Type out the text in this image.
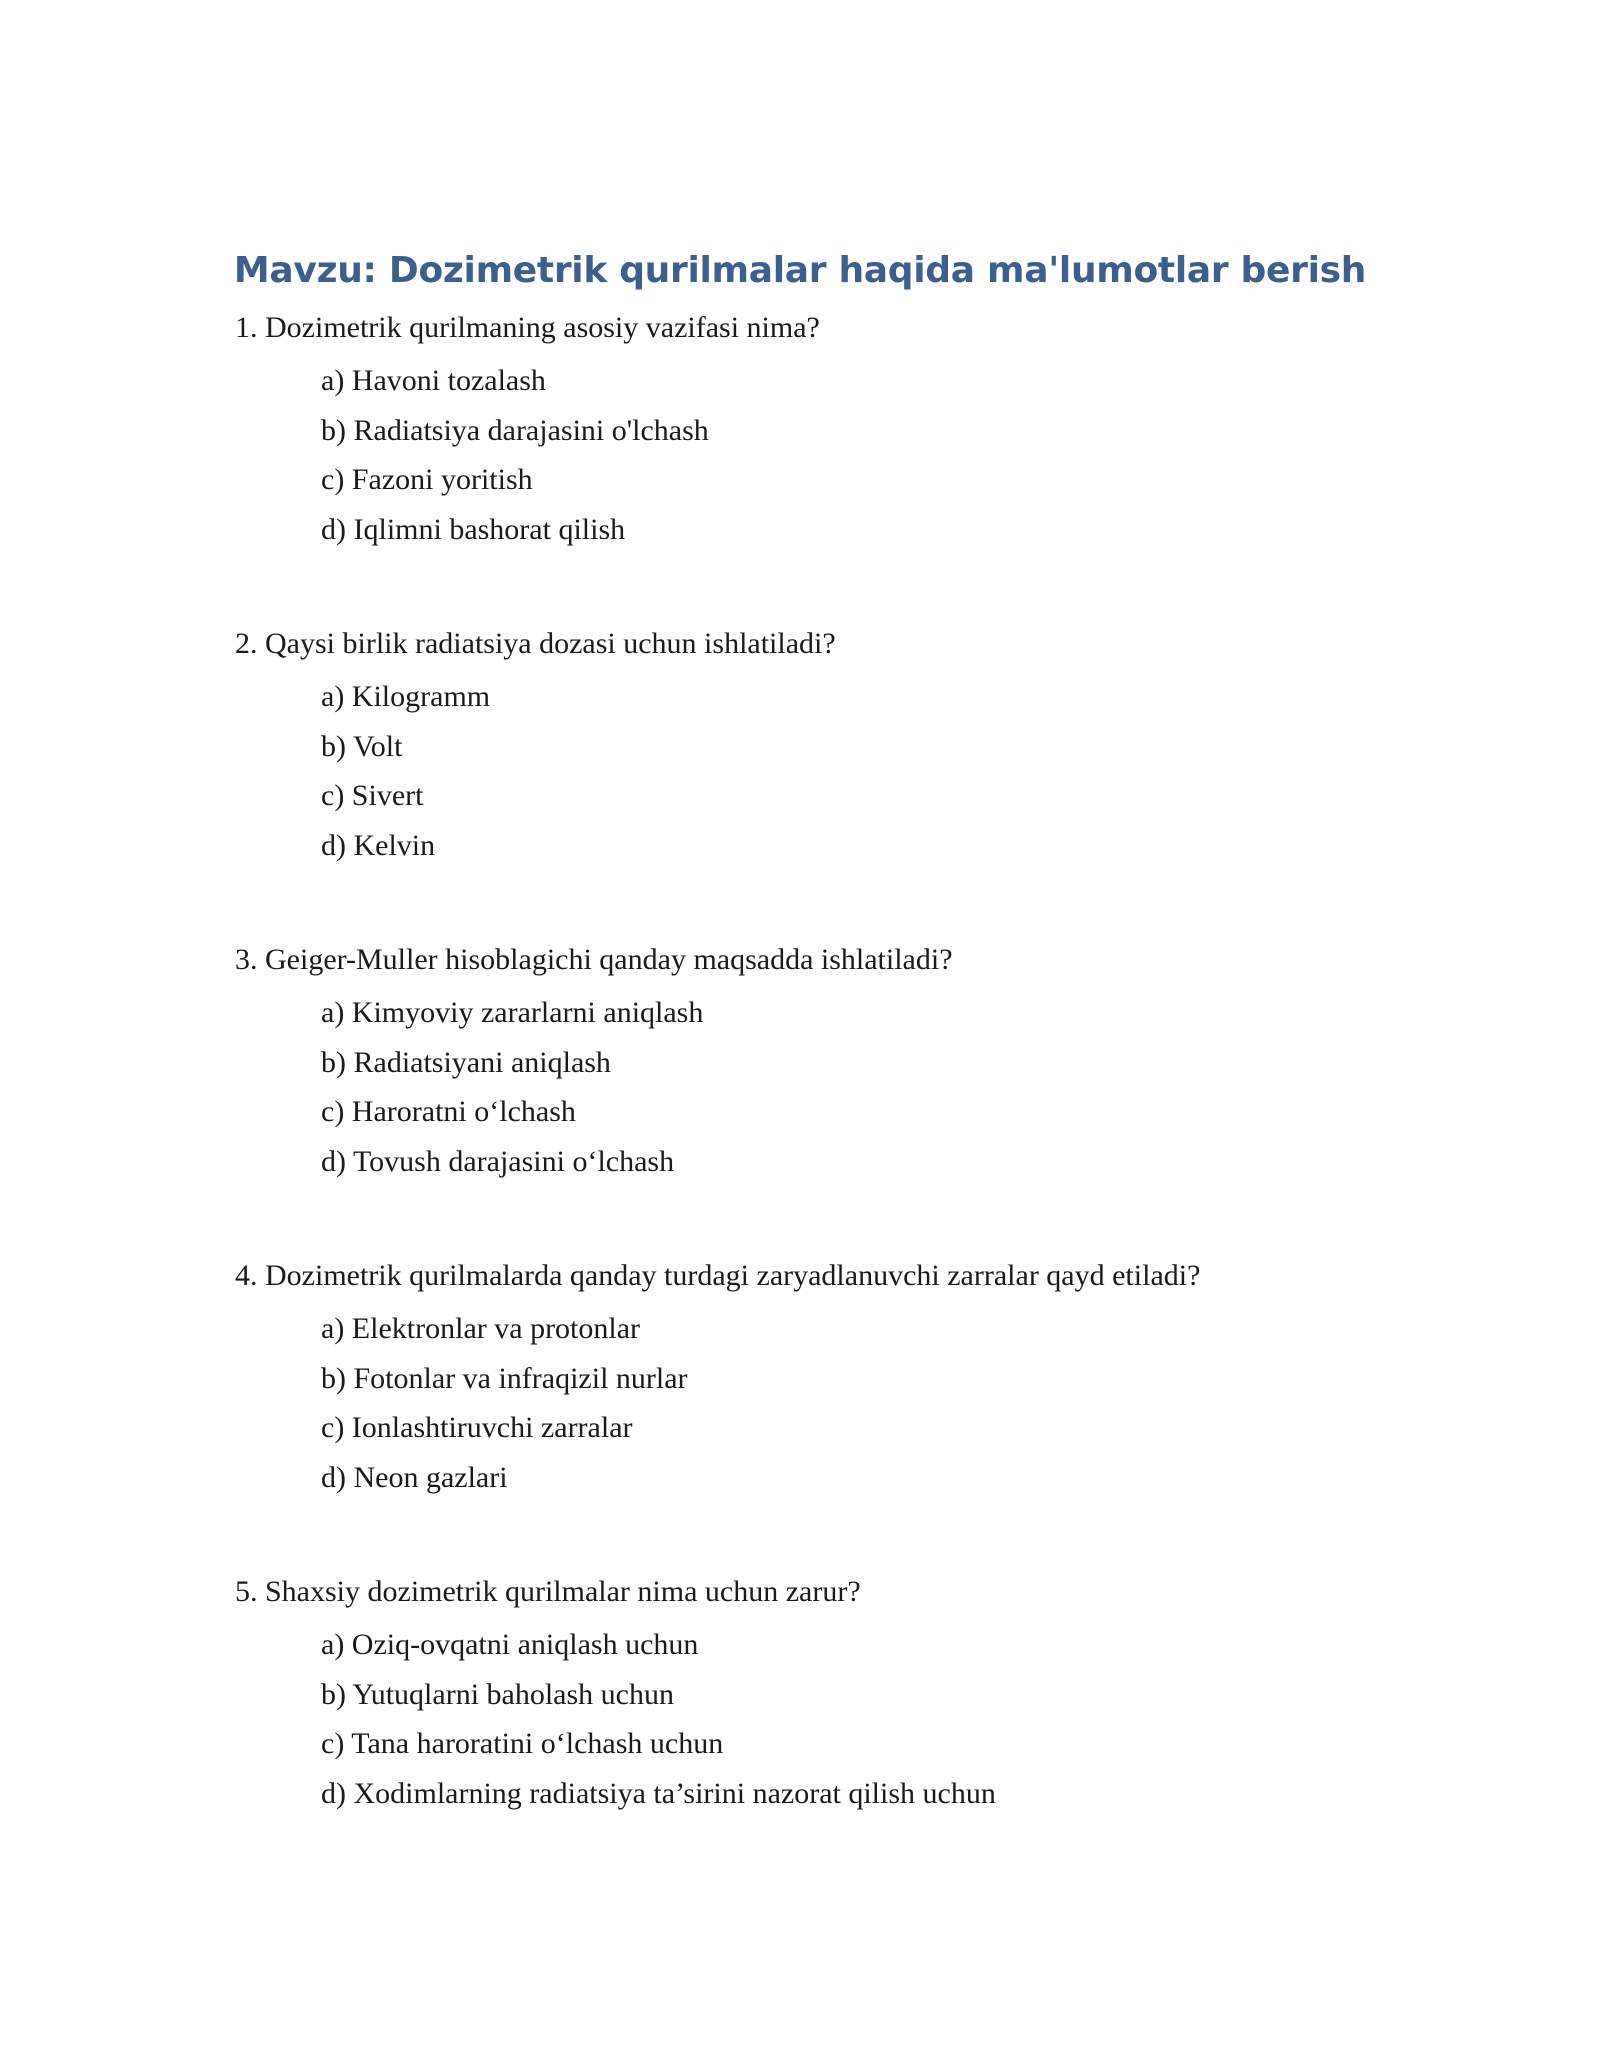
Mavzu: Dozimetrik qurilmalar haqida ma'lumotlar berish

1. Dozimetrik qurilmaning asosiy vazifasi nima?

a) Havoni tozalash
b) Radiatsiya darajasini o'lchash
c) Fazoni yoritish
d) Iqlimni bashorat qilish

2. Qaysi birlik radiatsiya dozasi uchun ishlatiladi?

a) Kilogramm
b) Volt
c) Sivert
d) Kelvin

3. Geiger-Muller hisoblagichi qanday maqsadda ishlatiladi?

a) Kimyoviy zararlarni aniqlash
b) Radiatsiyani aniqlash
c) Haroratni o‘lchash
d) Tovush darajasini o‘lchash

4. Dozimetrik qurilmalarda qanday turdagi zaryadlanuvchi zarralar qayd etiladi?

a) Elektronlar va protonlar
b) Fotonlar va infraqizil nurlar
c) Ionlashtiruvchi zarralar
d) Neon gazlari

5. Shaxsiy dozimetrik qurilmalar nima uchun zarur?

a) Oziq-ovqatni aniqlash uchun
b) Yutuqlarni baholash uchun
c) Tana haroratini o‘lchash uchun
d) Xodimlarning radiatsiya ta’sirini nazorat qilish uchun
